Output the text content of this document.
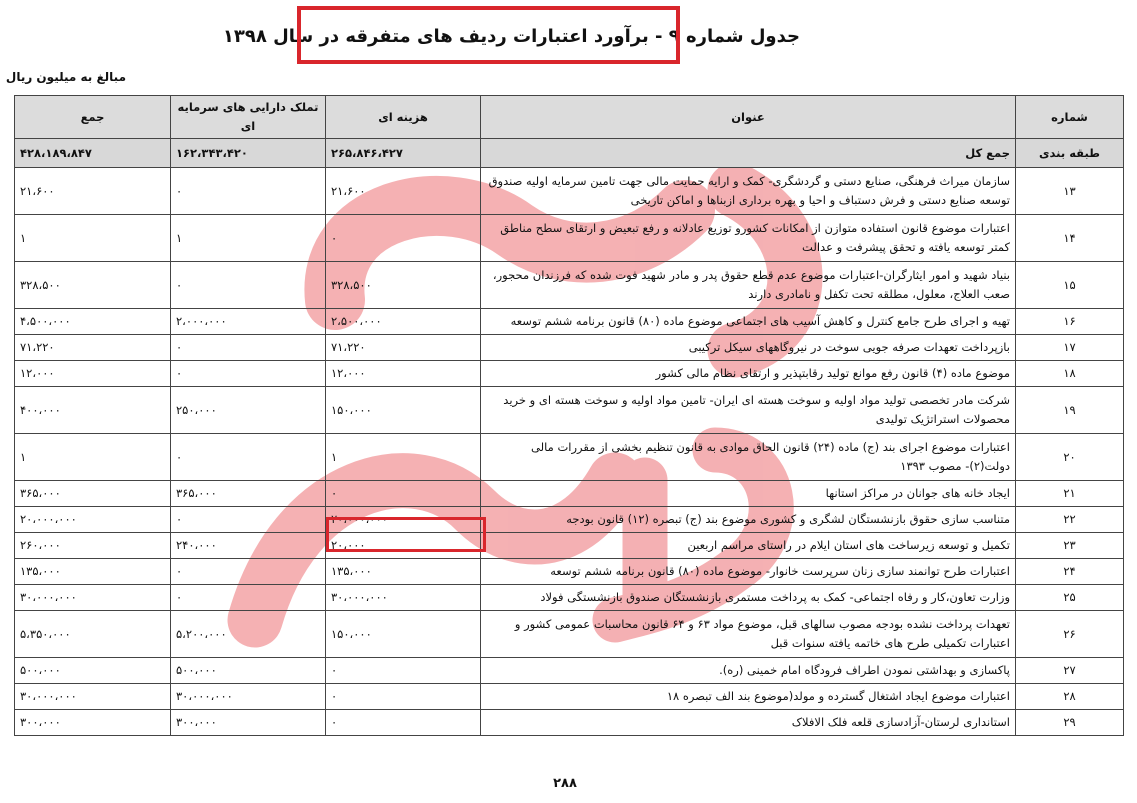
جدول شماره ۹ - برآورد اعتبارات ردیف های متفرقه در سال ۱۳۹۸
مبالغ به میلیون ریال
شماره	عنوان	هزینه ای	تملک دارایی های سرمایه ای	جمع
طبقه بندی	جمع کل	۲۶۵،۸۴۶،۴۲۷	۱۶۲،۳۴۳،۴۲۰	۴۲۸،۱۸۹،۸۴۷
۱۳	سازمان میراث فرهنگی، صنایع دستی و گردشگری- کمک و ارایه حمایت مالی جهت تامین سرمایه اولیه صندوق توسعه صنایع دستی و فرش دستباف و احیا و بهره برداری ازبناها و اماکن تاریخی	۲۱،۶۰۰	۰	۲۱،۶۰۰
۱۴	اعتبارات موضوع قانون استفاده متوازن از امکانات کشورو توزیع عادلانه و رفع تبعیض و ارتقای سطح مناطق کمتر توسعه یافته و تحقق پیشرفت و عدالت	۰	۱	۱
۱۵	بنیاد شهید و امور ایثارگران-اعتبارات موضوع عدم قطع حقوق پدر و مادر شهید فوت شده که فرزندان محجور، صعب العلاج، معلول، مطلقه تحت تکفل و نامادری دارند	۳۲۸،۵۰۰	۰	۳۲۸،۵۰۰
۱۶	تهیه و اجرای طرح جامع کنترل و کاهش آسیب های اجتماعی موضوع ماده (۸۰) قانون برنامه ششم توسعه	۲،۵۰۰،۰۰۰	۲،۰۰۰،۰۰۰	۴،۵۰۰،۰۰۰
۱۷	بازپرداخت تعهدات صرفه جویی سوخت در نیروگاههای سیکل ترکیبی	۷۱،۲۲۰	۰	۷۱،۲۲۰
۱۸	موضوع ماده (۴) قانون رفع موانع تولید رقابتپذیر و ارتقای نظام مالی کشور	۱۲،۰۰۰	۰	۱۲،۰۰۰
۱۹	شرکت مادر تخصصی تولید مواد اولیه و سوخت هسته ای ایران- تامین مواد اولیه و سوخت هسته ای و خرید محصولات استراتژیک تولیدی	۱۵۰،۰۰۰	۲۵۰،۰۰۰	۴۰۰،۰۰۰
۲۰	اعتبارات موضوع اجرای بند (ج) ماده (۲۴) قانون الحاق موادی به قانون تنظیم بخشی از مقررات مالی دولت(۲)- مصوب ۱۳۹۳	۱	۰	۱
۲۱	ایجاد خانه های جوانان در مراکز استانها	۰	۳۶۵،۰۰۰	۳۶۵،۰۰۰
۲۲	متناسب سازی حقوق بازنشستگان لشگری و کشوری موضوع بند (ج) تبصره (۱۲) قانون بودجه	۲۰،۰۰۰،۰۰۰	۰	۲۰،۰۰۰،۰۰۰
۲۳	تکمیل و توسعه زیرساخت های استان ایلام در راستای مراسم اربعین	۲۰،۰۰۰	۲۴۰،۰۰۰	۲۶۰،۰۰۰
۲۴	اعتبارات طرح توانمند سازی زنان سرپرست خانوار- موضوع ماده (۸۰) قانون برنامه ششم توسعه	۱۳۵،۰۰۰	۰	۱۳۵،۰۰۰
۲۵	وزارت تعاون،کار و رفاه اجتماعی- کمک به پرداخت مستمری بازنشستگان صندوق بازنشستگی فولاد	۳۰،۰۰۰،۰۰۰	۰	۳۰،۰۰۰،۰۰۰
۲۶	تعهدات پرداخت نشده بودجه مصوب سالهای قبل، موضوع مواد ۶۳ و ۶۴ قانون محاسبات عمومی کشور و اعتبارات تکمیلی طرح های خاتمه یافته سنوات قبل	۱۵۰،۰۰۰	۵،۲۰۰،۰۰۰	۵،۳۵۰،۰۰۰
۲۷	پاکسازی و بهداشتی نمودن اطراف فرودگاه امام خمینی (ره).	۰	۵۰۰،۰۰۰	۵۰۰،۰۰۰
۲۸	اعتبارات موضوع ایجاد اشتغال گسترده و مولد(موضوع بند الف تبصره ۱۸	۰	۳۰،۰۰۰،۰۰۰	۳۰،۰۰۰،۰۰۰
۲۹	استانداری لرستان-آزادسازی قلعه فلک الافلاک	۰	۳۰۰،۰۰۰	۳۰۰،۰۰۰
۲۸۸
